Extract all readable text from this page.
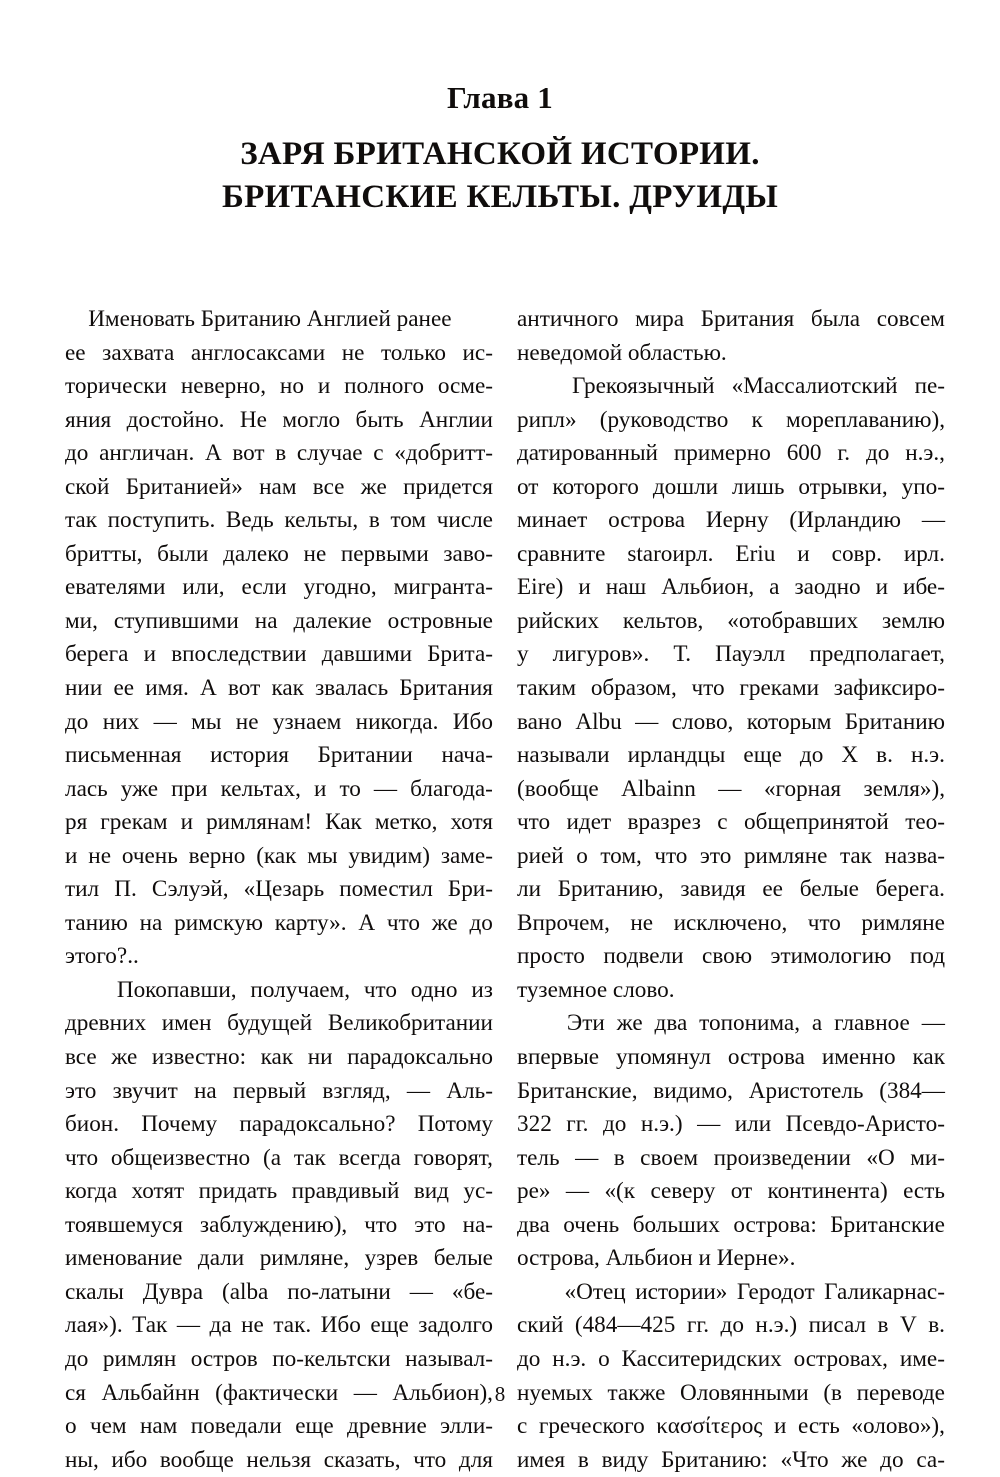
Глава 1
ЗАРЯ БРИТАНСКОЙ ИСТОРИИ.
БРИТАНСКИЕ КЕЛЬТЫ. ДРУИДЫ
Именовать Британию Англией ранее
ее захвата англосаксами не только ис-
торически неверно, но и полного осме-
яния достойно. Не могло быть Англии
до англичан. А вот в случае с «добритт-
ской Британией» нам все же придется
так поступить. Ведь кельты, в том числе
бритты, были далеко не первыми заво-
евателями или, если угодно, мигранта-
ми, ступившими на далекие островные
берега и впоследствии давшими Брита-
нии ее имя. А вот как звалась Британия
до них — мы не узнаем никогда. Ибо
письменная история Британии нача-
лась уже при кельтах, и то — благода-
ря грекам и римлянам! Как метко, хотя
и не очень верно (как мы увидим) заме-
тил П. Сэлуэй, «Цезарь поместил Бри-
танию на римскую карту». А что же до
этого?..
Покопавши, получаем, что одно из
древних имен будущей Великобритании
все же известно: как ни парадоксально
это звучит на первый взгляд, — Аль-
бион. Почему парадоксально? Потому
что общеизвестно (а так всегда говорят,
когда хотят придать правдивый вид ус-
тоявшемуся заблуждению), что это на-
именование дали римляне, узрев белые
скалы Дувра (alba по-латыни — «бе-
лая»). Так — да не так. Ибо еще задолго
до римлян остров по-кельтски называл-
ся Альбайнн (фактически — Альбион),
о чем нам поведали еще древние элли-
ны, ибо вообще нельзя сказать, что для
античного мира Британия была совсем
неведомой областью.
Грекоязычный «Массалиотский пе-
рипл» (руководство к мореплаванию),
датированный примерно 600 г. до н.э.,
от которого дошли лишь отрывки, упо-
минает острова Иерну (Ирландию —
сравните staroирл. Eriu и совр. ирл.
Eire) и наш Альбион, а заодно и ибе-
рийских кельтов, «отобравших землю
у лигуров». Т. Пауэлл предполагает,
таким образом, что греками зафиксиро-
вано Albu — слово, которым Британию
называли ирландцы еще до X в. н.э.
(вообще Albainn — «горная земля»),
что идет вразрез с общепринятой тео-
рией о том, что это римляне так назва-
ли Британию, завидя ее белые берега.
Впрочем, не исключено, что римляне
просто подвели свою этимологию под
туземное слово.
Эти же два топонима, а главное —
впервые упомянул острова именно как
Британские, видимо, Аристотель (384—
322 гг. до н.э.) — или Псевдо-Аристо-
тель — в своем произведении «О ми-
ре» — «(к северу от континента) есть
два очень больших острова: Британские
острова, Альбион и Иерне».
«Отец истории» Геродот Галикарнас-
ский (484—425 гг. до н.э.) писал в V в.
до н.э. о Касситеридских островах, име-
нуемых также Оловянными (в переводе
с греческого κασσίτερος и есть «олово»),
имея в виду Британию: «Что же до са-
8
